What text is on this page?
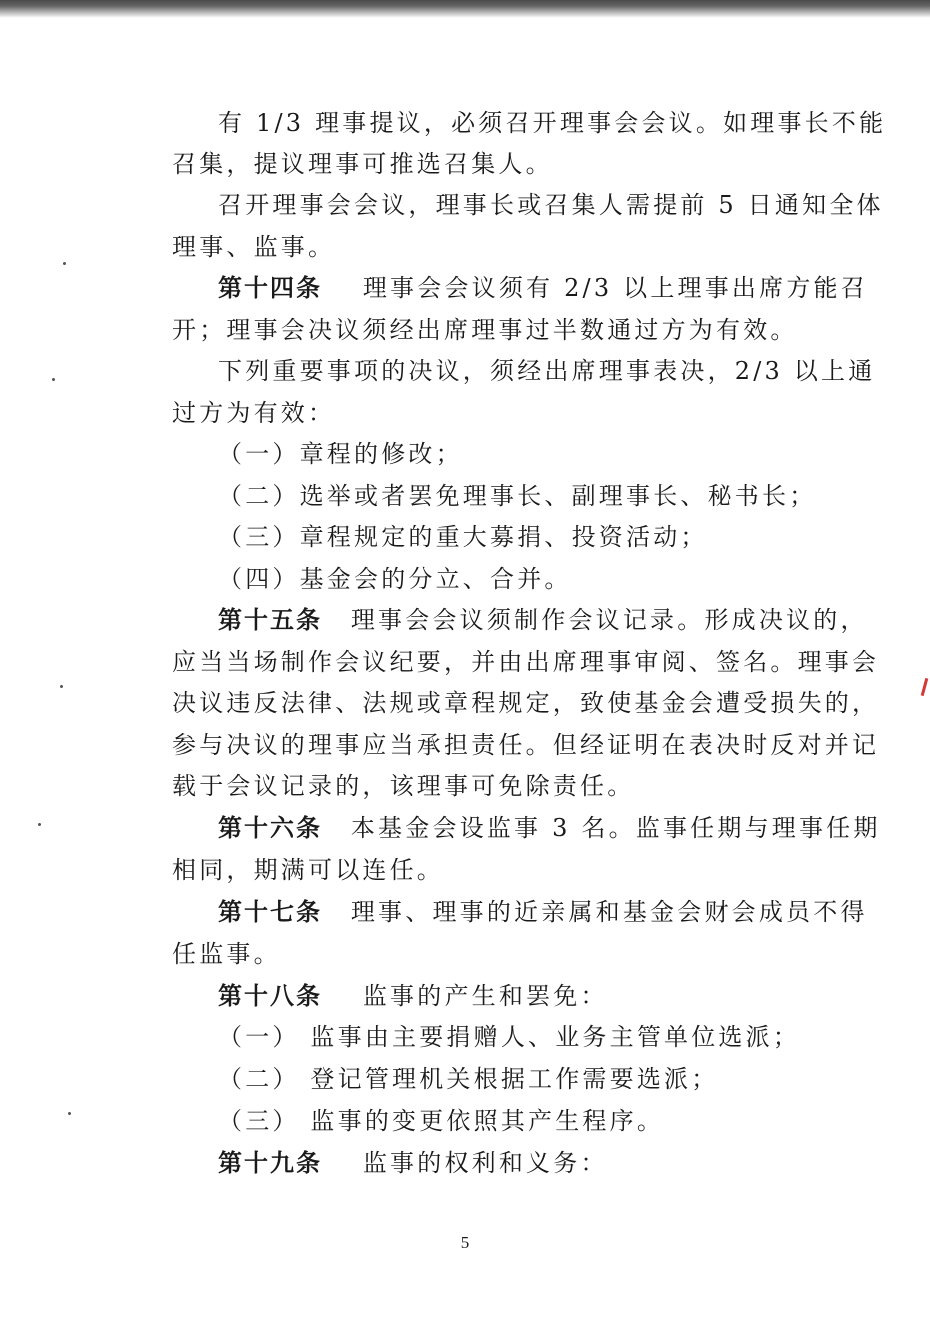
有 1/3 理事提议，必须召开理事会会议。如理事长不能
召集，提议理事可推选召集人。
召开理事会会议，理事长或召集人需提前 5 日通知全体
理事、监事。
第十四条 理事会会议须有 2/3 以上理事出席方能召
开；理事会决议须经出席理事过半数通过方为有效。
下列重要事项的决议，须经出席理事表决，2/3 以上通
过方为有效：
（一）章程的修改；
（二）选举或者罢免理事长、副理事长、秘书长；
（三）章程规定的重大募捐、投资活动；
（四）基金会的分立、合并。
第十五条 理事会会议须制作会议记录。形成决议的，
应当当场制作会议纪要，并由出席理事审阅、签名。理事会
决议违反法律、法规或章程规定，致使基金会遭受损失的，
参与决议的理事应当承担责任。但经证明在表决时反对并记
载于会议记录的，该理事可免除责任。
第十六条 本基金会设监事 3 名。监事任期与理事任期
相同，期满可以连任。
第十七条 理事、理事的近亲属和基金会财会成员不得
任监事。
第十八条 监事的产生和罢免：
（一） 监事由主要捐赠人、业务主管单位选派；
（二） 登记管理机关根据工作需要选派；
（三） 监事的变更依照其产生程序。
第十九条 监事的权利和义务：
5
